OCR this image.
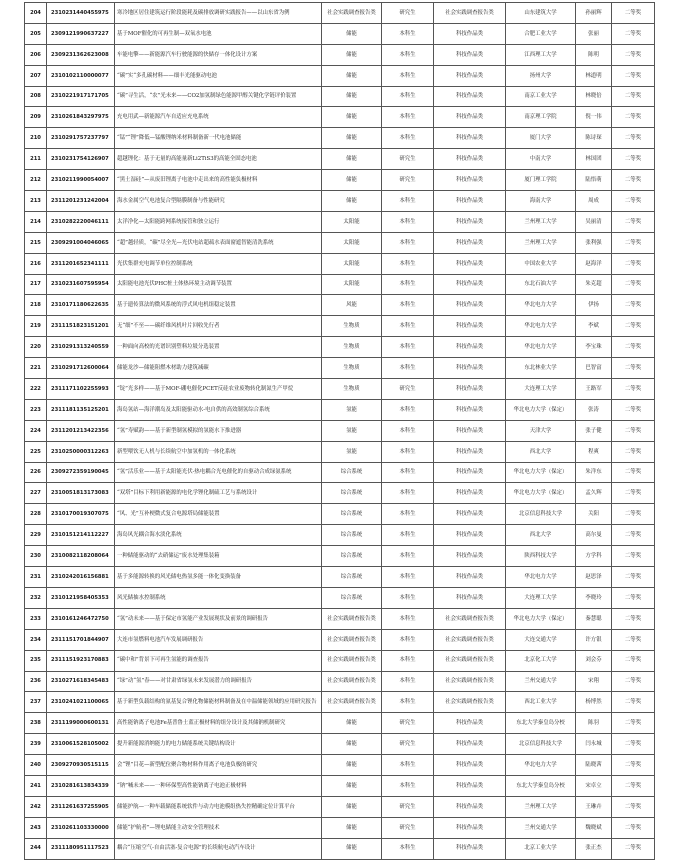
204	2310231440455975	寒冷地区居住建筑运行阶段能耗及碳排放调研实践报告——以山东省为例	社会实践调查报告类	研究生	社会实践调查报告类	山东建筑大学	孙丽辉	二等奖
205	2309121990637227	基于MOF催化的可再生制—双氧水电池	储能	本科生	科技作品类	合肥工业大学	张丽	二等奖
206	2309231362623008	车能电擎——新能源汽车行驶能源的快储存一体化设计方案	储能	本科生	科技作品类	江西理工大学	陈明	二等奖
207	2310102110000077	“碳”实“多孔碳材料——细丰光能驱动电池	储能	本科生	科技作品类	扬州大学	林道明	二等奖
208	2310221917171705	“碳”寻生活，“农”光未来——CO2加氢制绿色能源甲醇关键化学链评价装置	储能	本科生	科技作品类	南京工业大学	林晓倍	二等奖
209	2310261843297975	充电用武—新能源汽车自适应充电系统	储能	本科生	科技作品类	南京理工学院	倪一伟	二等奖
210	2310291757237797	“锰”“锂”降低—锰酸锂纳米材料制备新一代电池储能	储能	本科生	科技作品类	厦门大学	陈诗琛	二等奖
211	2310231754126907	超越锂化：基于无量的高能量新Li2TiS3的高能全固态电池	储能	研究生	科技作品类	中南大学	林国团	二等奖
212	2310211990054007	“黑土湿硅”—从废旧锂离子电池中走出来的高性能负极材料	储能	研究生	科技作品类	厦门理工学院	陆悟萌	二等奖
213	2311201231242004	海水金属空气电池复合型隔膜制备与性能研究	储能	本科生	科技作品类	海南大学	周成	二等奖
214	2310282220046111	太洋净化—太阳能跨网系统接管和独立运行	太阳能	本科生	科技作品类	兰州理工大学	吴丽清	二等奖
215	2309291004046065	“超”越轻质，“碳”尽全光—光伏电站超疏水表面窗遮智能清洗系统	太阳能	本科生	科技作品类	兰州理工大学	张利强	二等奖
216	2311201652341111	光伏集群充电调节单位控制系统	太阳能	本科生	科技作品类	中国农业大学	赵海洋	二等奖
217	2310231607595954	太阳能电池光伏PHC桩土体热环境主动调节装置	太阳能	本科生	科技作品类	东北石油大学	朱克超	二等奖
218	2310171180622635	基于遗传算法的微风系统的浮式风电机组稳定装置	风能	本科生	科技作品类	华北电力大学	伊扬	二等奖
219	2311151823151201	无“细”不至——碳纤维风机叶片回收先行者	生物质	本科生	科技作品类	华北电力大学	李斌	二等奖
220	2310291313240559	一种面向高校的光谱识别塑料垃圾分选装置	生物质	本科生	科技作品类	华北电力大学	李宝珠	二等奖
221	2310291712600064	储能龙沙—储能阻燃木材助力建筑减碳	生物质	本科生	科技作品类	东北林业大学	巴智富	二等奖
222	2311171102255993	“锭”光多样——基于MOF-硼电催化PCET反硅农业废物转化制氮生产甲烷	生物质	研究生	科技作品类	大连理工大学	王路军	二等奖
223	2311181135125201	海岛氢站—海洋潮岛及太阳能驱动水-电自供的高效制氢综合系统	氢能	本科生	科技作品类	华北电力大学（保定）	张涛	二等奖
224	2311201213422356	“氢”寿赋韵——基于新型制氢模拟的氢能水下推进器	氢能	本科生	科技作品类	天津大学	张子健	二等奖
225	2310250000312263	新型喂饮无人机与长续航空中加氢机的一体化系统	氢能	本科生	科技作品类	西北大学	程爽	二等奖
226	2309272359190045	“氢”活乐业——基于太阳能光伏-热电耦合光电催化的自驱动合成绿氨系统	综合系统	本科生	科技作品类	华北电力大学（保定）	朱洋东	二等奖
227	2310051813173083	“双塔”目标下利用新能源的电化学锂化制硫工艺与系统设计	综合系统	本科生	科技作品类	华北电力大学（保定）	孟久辉	二等奖
228	2310170019307075	“风、光”互补梗微式复合电源塔局储能装置	综合系统	本科生	科技作品类	北京信息科技大学	关阳	二等奖
229	2310151214112227	海岛风光耦合海水淡化系统	综合系统	本科生	科技作品类	西北大学	高尔曼	二等奖
230	2310082118208064	一种储能驱动的“去硝储运”废水处理集装箱	综合系统	本科生	科技作品类	陕西科技大学	方学科	二等奖
231	2310242016156881	基于多能源转换的风光储电热氢多能一体化变换装备	综合系统	本科生	科技作品类	华北电力大学	赵思泽	二等奖
232	2310121958405353	风光储抽水控制系统	综合系统	本科生	科技作品类	大连理工大学	李晓玲	二等奖
233	2310161246472750	“氢”动未来——基于保定市氢能产业发展现状及前景的调研报告	社会实践调查报告类	本科生	社会实践调查报告类	华北电力大学（保定）	秦慧聪	二等奖
234	2311151701844907	大连市氢燃料电池汽车发展调研报告	社会实践调查报告类	本科生	社会实践调查报告类	大连交通大学	许方银	二等奖
235	2311151923170883	“碳中和”背景下可再生氢能的调查报告	社会实践调查报告类	本科生	社会实践调查报告类	北京化工大学	刘会芬	二等奖
236	2310271618345483	“绿”动“氢”春——对甘肃省绿氢未来发展潜力的调研报告	社会实践调查报告类	本科生	社会实践调查报告类	兰州交通大学	宋翔	二等奖
237	2310241021100065	基于新型负载结构的氨基复合锂化物储能材料制备及在中温储能领域的应用研究报告	社会实践调查报告类	本科生	社会实践调查报告类	西北工业大学	杨博然	二等奖
238	2311199000600131	高性能钠离子电池Fe基普鲁士蓝正极材料的组分设计及其储钠机制研究	储能	研究生	科技作品类	东北大学秦皇岛分校	陈羽	二等奖
239	2310061528105002	提升新能源消纳能力的电力储能系统关键结构设计	储能	研究生	科技作品类	北京信息科技大学	闫永城	二等奖
240	2309270930515115	会“锂”目花—新型配位聚合物材料作用离子电池负极的研究	储能	本科生	科技作品类	华北电力大学	陆晓茜	二等奖
241	2310281613834339	“钠”喊未来——一种环保型高性能钠离子电池正极材料	储能	本科生	科技作品类	东北大学秦皇岛分校	宋卓立	二等奖
242	2311261637255905	储能护航—一种车载储能系统软件与动力电池模组热失控精确定位计算平台	储能	研究生	科技作品类	兰州理工大学	王琳卉	二等奖
243	2310261103330000	储能“护航者”—锂电储能主动安全管理技术	储能	研究生	科技作品类	兰州交通大学	魏晓斌	二等奖
244	2311180951117523	耦合“压缩空气-自由活塞-复合电源”的长续航电动汽车设计	储能	本科生	科技作品类	北京工业大学	张正杰	二等奖
